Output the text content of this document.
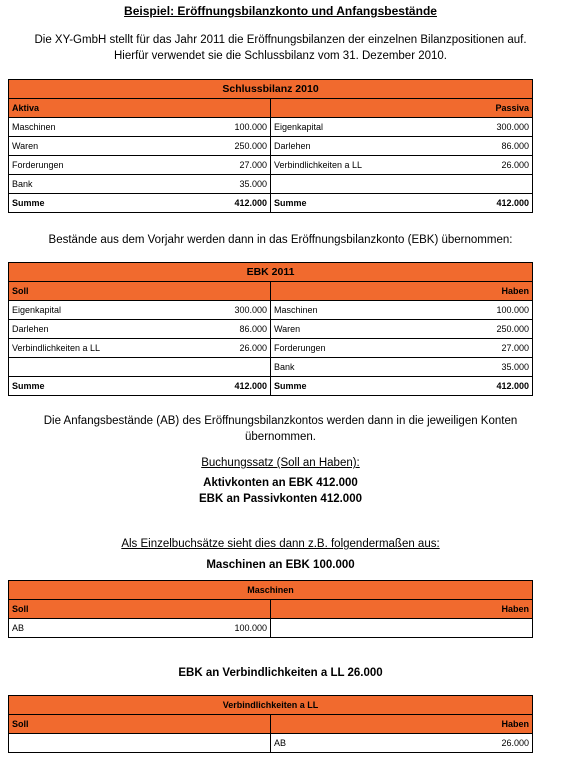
Beispiel: Eröffnungsbilanzkonto und Anfangsbestände
Die XY-GmbH stellt für das Jahr 2011 die Eröffnungsbilanzen der einzelnen Bilanzpositionen auf.
Hierfür verwendet sie die Schlussbilanz vom 31. Dezember 2010.
Schlussbilanz 2010			
Aktiva		Passiva	
Maschinen	100.000	Eigenkapital	300.000
Waren	250.000	Darlehen	86.000
Forderungen	27.000	Verbindlichkeiten a LL	26.000
Bank	35.000		
Summe	412.000	Summe	412.000
Bestände aus dem Vorjahr werden dann in das Eröffnungsbilanzkonto (EBK) übernommen:
EBK 2011			
Soll		Haben	
Eigenkapital	300.000	Maschinen	100.000
Darlehen	86.000	Waren	250.000
Verbindlichkeiten a LL	26.000	Forderungen	27.000
		Bank	35.000
Summe	412.000	Summe	412.000
Die Anfangsbestände (AB) des Eröffnungsbilanzkontos werden dann in die jeweiligen Konten
übernommen.
Buchungssatz (Soll an Haben):
Aktivkonten an EBK 412.000
EBK an Passivkonten 412.000
Als Einzelbuchsätze sieht dies dann z.B. folgendermaßen aus:
Maschinen an EBK 100.000
Maschinen			
Soll		Haben	
AB	100.000		
EBK an Verbindlichkeiten a LL 26.000
Verbindlichkeiten a LL			
Soll		Haben	
		AB	26.000
